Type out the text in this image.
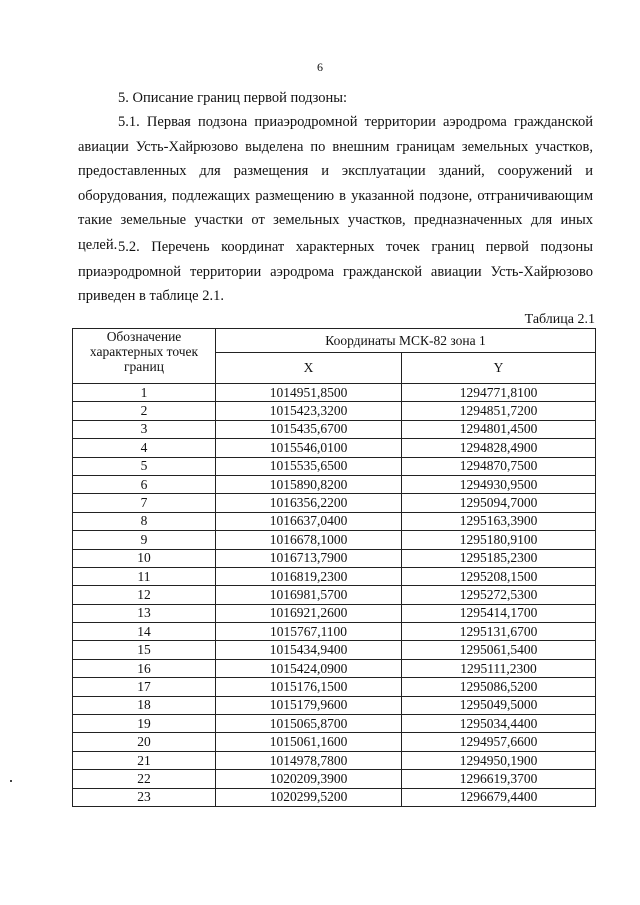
6
5. Описание границ первой подзоны:

5.1. Первая подзона приаэродромной территории аэродрома гражданской авиации Усть-Хайрюзово выделена по внешним границам земельных участков, предоставленных для размещения и эксплуатации зданий, сооружений и оборудования, подлежащих размещению в указанной подзоне, отграничивающим такие земельные участки от земельных участков, предназначенных для иных целей. 5.2. Перечень координат характерных точек границ первой подзоны приаэродромной территории аэродрома гражданской авиации Усть-Хайрюзово приведен в таблице 2.1.

Таблица 2.1
Обозначение характерных точек границ	Координаты МСК-82 зона 1	
	X	Y
1	1014951,8500	1294771,8100
2	1015423,3200	1294851,7200
3	1015435,6700	1294801,4500
4	1015546,0100	1294828,4900
5	1015535,6500	1294870,7500
6	1015890,8200	1294930,9500
7	1016356,2200	1295094,7000
8	1016637,0400	1295163,3900
9	1016678,1000	1295180,9100
10	1016713,7900	1295185,2300
11	1016819,2300	1295208,1500
12	1016981,5700	1295272,5300
13	1016921,2600	1295414,1700
14	1015767,1100	1295131,6700
15	1015434,9400	1295061,5400
16	1015424,0900	1295111,2300
17	1015176,1500	1295086,5200
18	1015179,9600	1295049,5000
19	1015065,8700	1295034,4400
20	1015061,1600	1294957,6600
21	1014978,7800	1294950,1900
22	1020209,3900	1296619,3700
23	1020299,5200	1296679,4400
